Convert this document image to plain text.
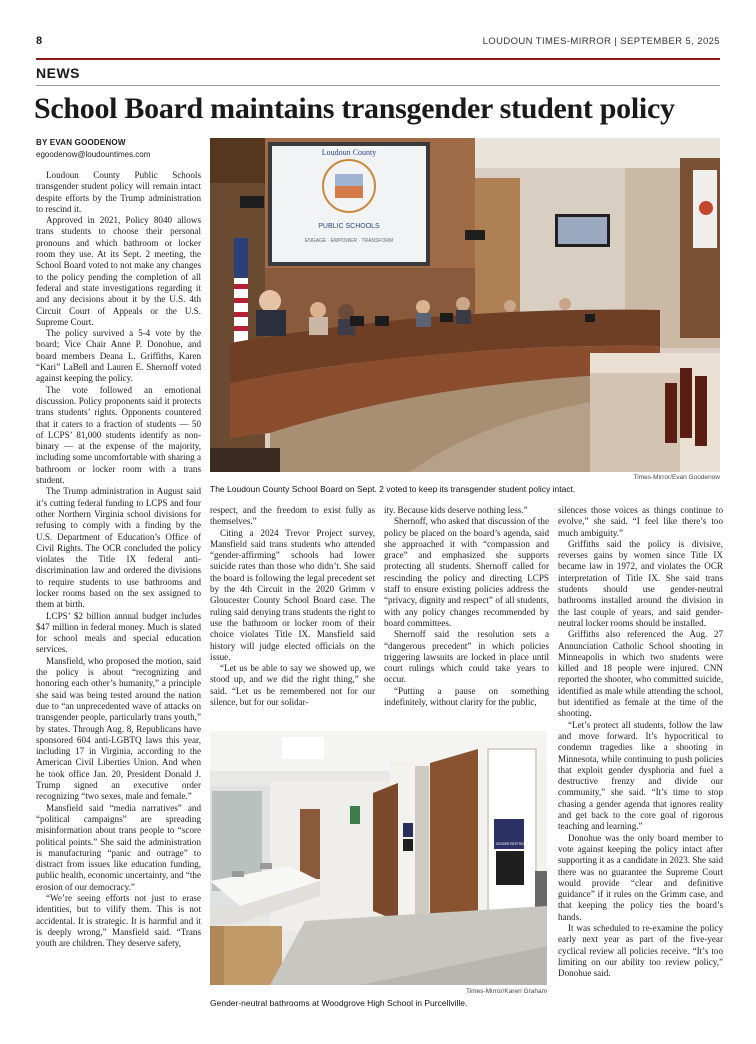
8	LOUDOUN TIMES-MIRROR | SEPTEMBER 5, 2025
NEWS
School Board maintains transgender student policy
BY EVAN GOODENOW
egoodenow@loudountimes.com

Loudoun County Public Schools transgender student policy will remain intact despite efforts by the Trump administration to rescind it.

Approved in 2021, Policy 8040 allows trans students to choose their personal pronouns and which bathroom or locker room they use. At its Sept. 2 meeting, the School Board voted to not make any changes to the policy pending the completion of all federal and state investigations regarding it and any decisions about it by the U.S. 4th Circuit Court of Appeals or the U.S. Supreme Court.

The policy survived a 5-4 vote by the board; Vice Chair Anne P. Donohue, and board members Deana L. Griffiths, Karen “Kari” LaBell and Lauren E. Shernoff voted against keeping the policy.

The vote followed an emotional discussion. Policy proponents said it protects trans students’ rights. Opponents countered that it caters to a fraction of students — 50 of LCPS’ 81,000 students identify as non-binary — at the expense of the majority, including some uncomfortable with sharing a bathroom or locker room with a trans student.

The Trump administration in August said it’s cutting federal funding to LCPS and four other Northern Virginia school divisions for refusing to comply with a finding by the U.S. Department of Education’s Office of Civil Rights. The OCR concluded the policy violates the Title IX federal anti-discrimination law and ordered the divisions to require students to use bathrooms and locker rooms based on the sex assigned to them at birth.

LCPS’ $2 billion annual budget includes $47 million in federal money. Much is slated for school meals and special education services.

Mansfield, who proposed the motion, said the policy is about “recognizing and honoring each other’s humanity,” a principle she said was being tested around the nation due to “an unprecedented wave of attacks on transgender people, particularly trans youth,” by states. Through Aug. 8, Republicans have sponsored 604 anti-LGBTQ laws this year, including 17 in Virginia, according to the American Civil Liberties Union. And when he took office Jan. 20, President Donald J. Trump signed an executive order recognizing “two sexes, male and female.”

Mansfield said “media narratives” and “political campaigns” are spreading misinformation about trans people to “score political points.” She said the administration is manufacturing “panic and outrage” to distract from issues like education funding, public health, economic uncertainty, and “the erosion of our democracy.”

“We’re seeing efforts not just to erase identities, but to vilify them. This is not accidental. It is strategic. It is harmful and it is deeply wrong,” Mansfield said. “Trans youth are children. They deserve safety,

Loudoun County
PUBLIC SCHOOLS
ENGAGE · EMPOWER · TRANSFORM
Times-Mirror/Evan Goodenow
The Loudoun County School Board on Sept. 2 voted to keep its transgender student policy intact.

respect, and the freedom to exist fully as themselves.”

Citing a 2024 Trevor Project survey, Mansfield said trans students who attended “gender-affirming” schools had lower suicide rates than those who didn’t. She said the board is following the legal precedent set by the 4th Circuit in the 2020 Grimm v Gloucester County School Board case. The ruling said denying trans students the right to use the bathroom or locker room of their choice violates Title IX. Mansfield said history will judge elected officials on the issue.

“Let us be able to say we showed up, we stood up, and we did the right thing,” she said. “Let us be remembered not for our silence, but for our solidar-

ity. Because kids deserve nothing less.”

Shernoff, who asked that discussion of the policy be placed on the board’s agenda, said she approached it with “compassion and grace” and emphasized she supports protecting all students. Shernoff called for rescinding the policy and directing LCPS staff to ensure existing policies address the “privacy, dignity and respect” of all students, with any policy changes recommended by board committees.

Shernoff said the resolution sets a “dangerous precedent” in which policies triggering lawsuits are locked in place until court rulings which could take years to occur.

“Putting a pause on something indefinitely, without clarity for the public,

silences those voices as things continue to evolve,” she said. “I feel like there’s too much ambiguity.”

Griffiths said the policy is divisive, reverses gains by women since Title IX became law in 1972, and violates the OCR interpretation of Title IX. She said trans students should use gender-neutral bathrooms installed around the division in the last couple of years, and said gender-neutral locker rooms should be installed.

Griffiths also referenced the Aug. 27 Annunciation Catholic School shooting in Minneapolis in which two students were killed and 18 people were injured. CNN reported the shooter, who committed suicide, identified as male while attending the school, but identified as female at the time of the shooting.

“Let’s protect all students, follow the law and move forward. It’s hypocritical to condemn tragedies like a shooting in Minnesota, while continuing to push policies that exploit gender dysphoria and fuel a destructive frenzy and divide our community,” she said. “It’s time to stop chasing a gender agenda that ignores reality and get back to the core goal of rigorous teaching and learning.”

Donohue was the only board member to vote against keeping the policy intact after supporting it as a candidate in 2023. She said there was no guarantee the Supreme Court would provide “clear and definitive guidance” if it rules on the Grimm case, and that keeping the policy ties the board’s hands.

It was scheduled to re-examine the policy early next year as part of the five-year cyclical review all policies receive. “It’s too limiting on our ability too review policy,” Donohue said.

ALL GENDER RESTROOM
Times-Mirror/Karen Graham
Gender-neutral bathrooms at Woodgrove High School in Purcellville.
